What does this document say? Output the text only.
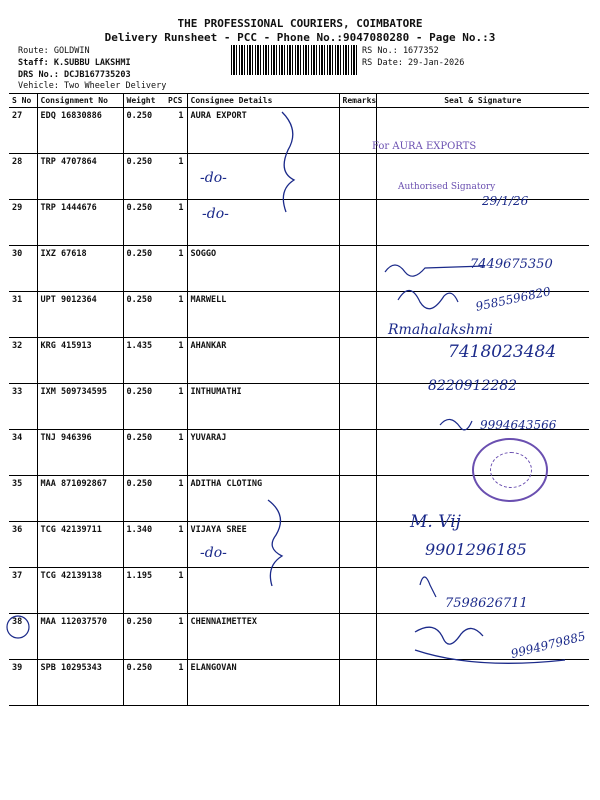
THE PROFESSIONAL COURIERS, COIMBATORE
Delivery Runsheet - PCC - Phone No.:9047080280 - Page No.:3
Route: GOLDWIN
Staff: K.SUBBU LAKSHMI
DRS No.: DCJB167735203
Vehicle: Two Wheeler Delivery
RS No.: 1677352
RS Date: 29-Jan-2026
S No	Consignment No	Weight	PCS	Consignee Details	Remarks	Seal & Signature
27	EDQ 16830886	0.250	1	AURA EXPORT		
28	TRP 4707864	0.250	1			
29	TRP 1444676	0.250	1			
30	IXZ 67618	0.250	1	SOGGO		
31	UPT 9012364	0.250	1	MARWELL		
32	KRG 415913	1.435	1	AHANKAR		
33	IXM 509734595	0.250	1	INTHUMATHI		
34	TNJ 946396	0.250	1	YUVARAJ		
35	MAA 871092867	0.250	1	ADITHA CLOTING		
36	TCG 42139711	1.340	1	VIJAYA SREE		
37	TCG 42139138	1.195	1			
38	MAA 112037570	0.250	1	CHENNAIMETTEX		
39	SPB 10295343	0.250	1	ELANGOVAN		
-do-
-do-
-do-
For AURA EXPORTS
Authorised Signatory
29/1/26
7449675350
9585596820
Rmahalakshmi
7418023484
8220912282
9994643566
M. Vij
9901296185
7598626711
9994979885
